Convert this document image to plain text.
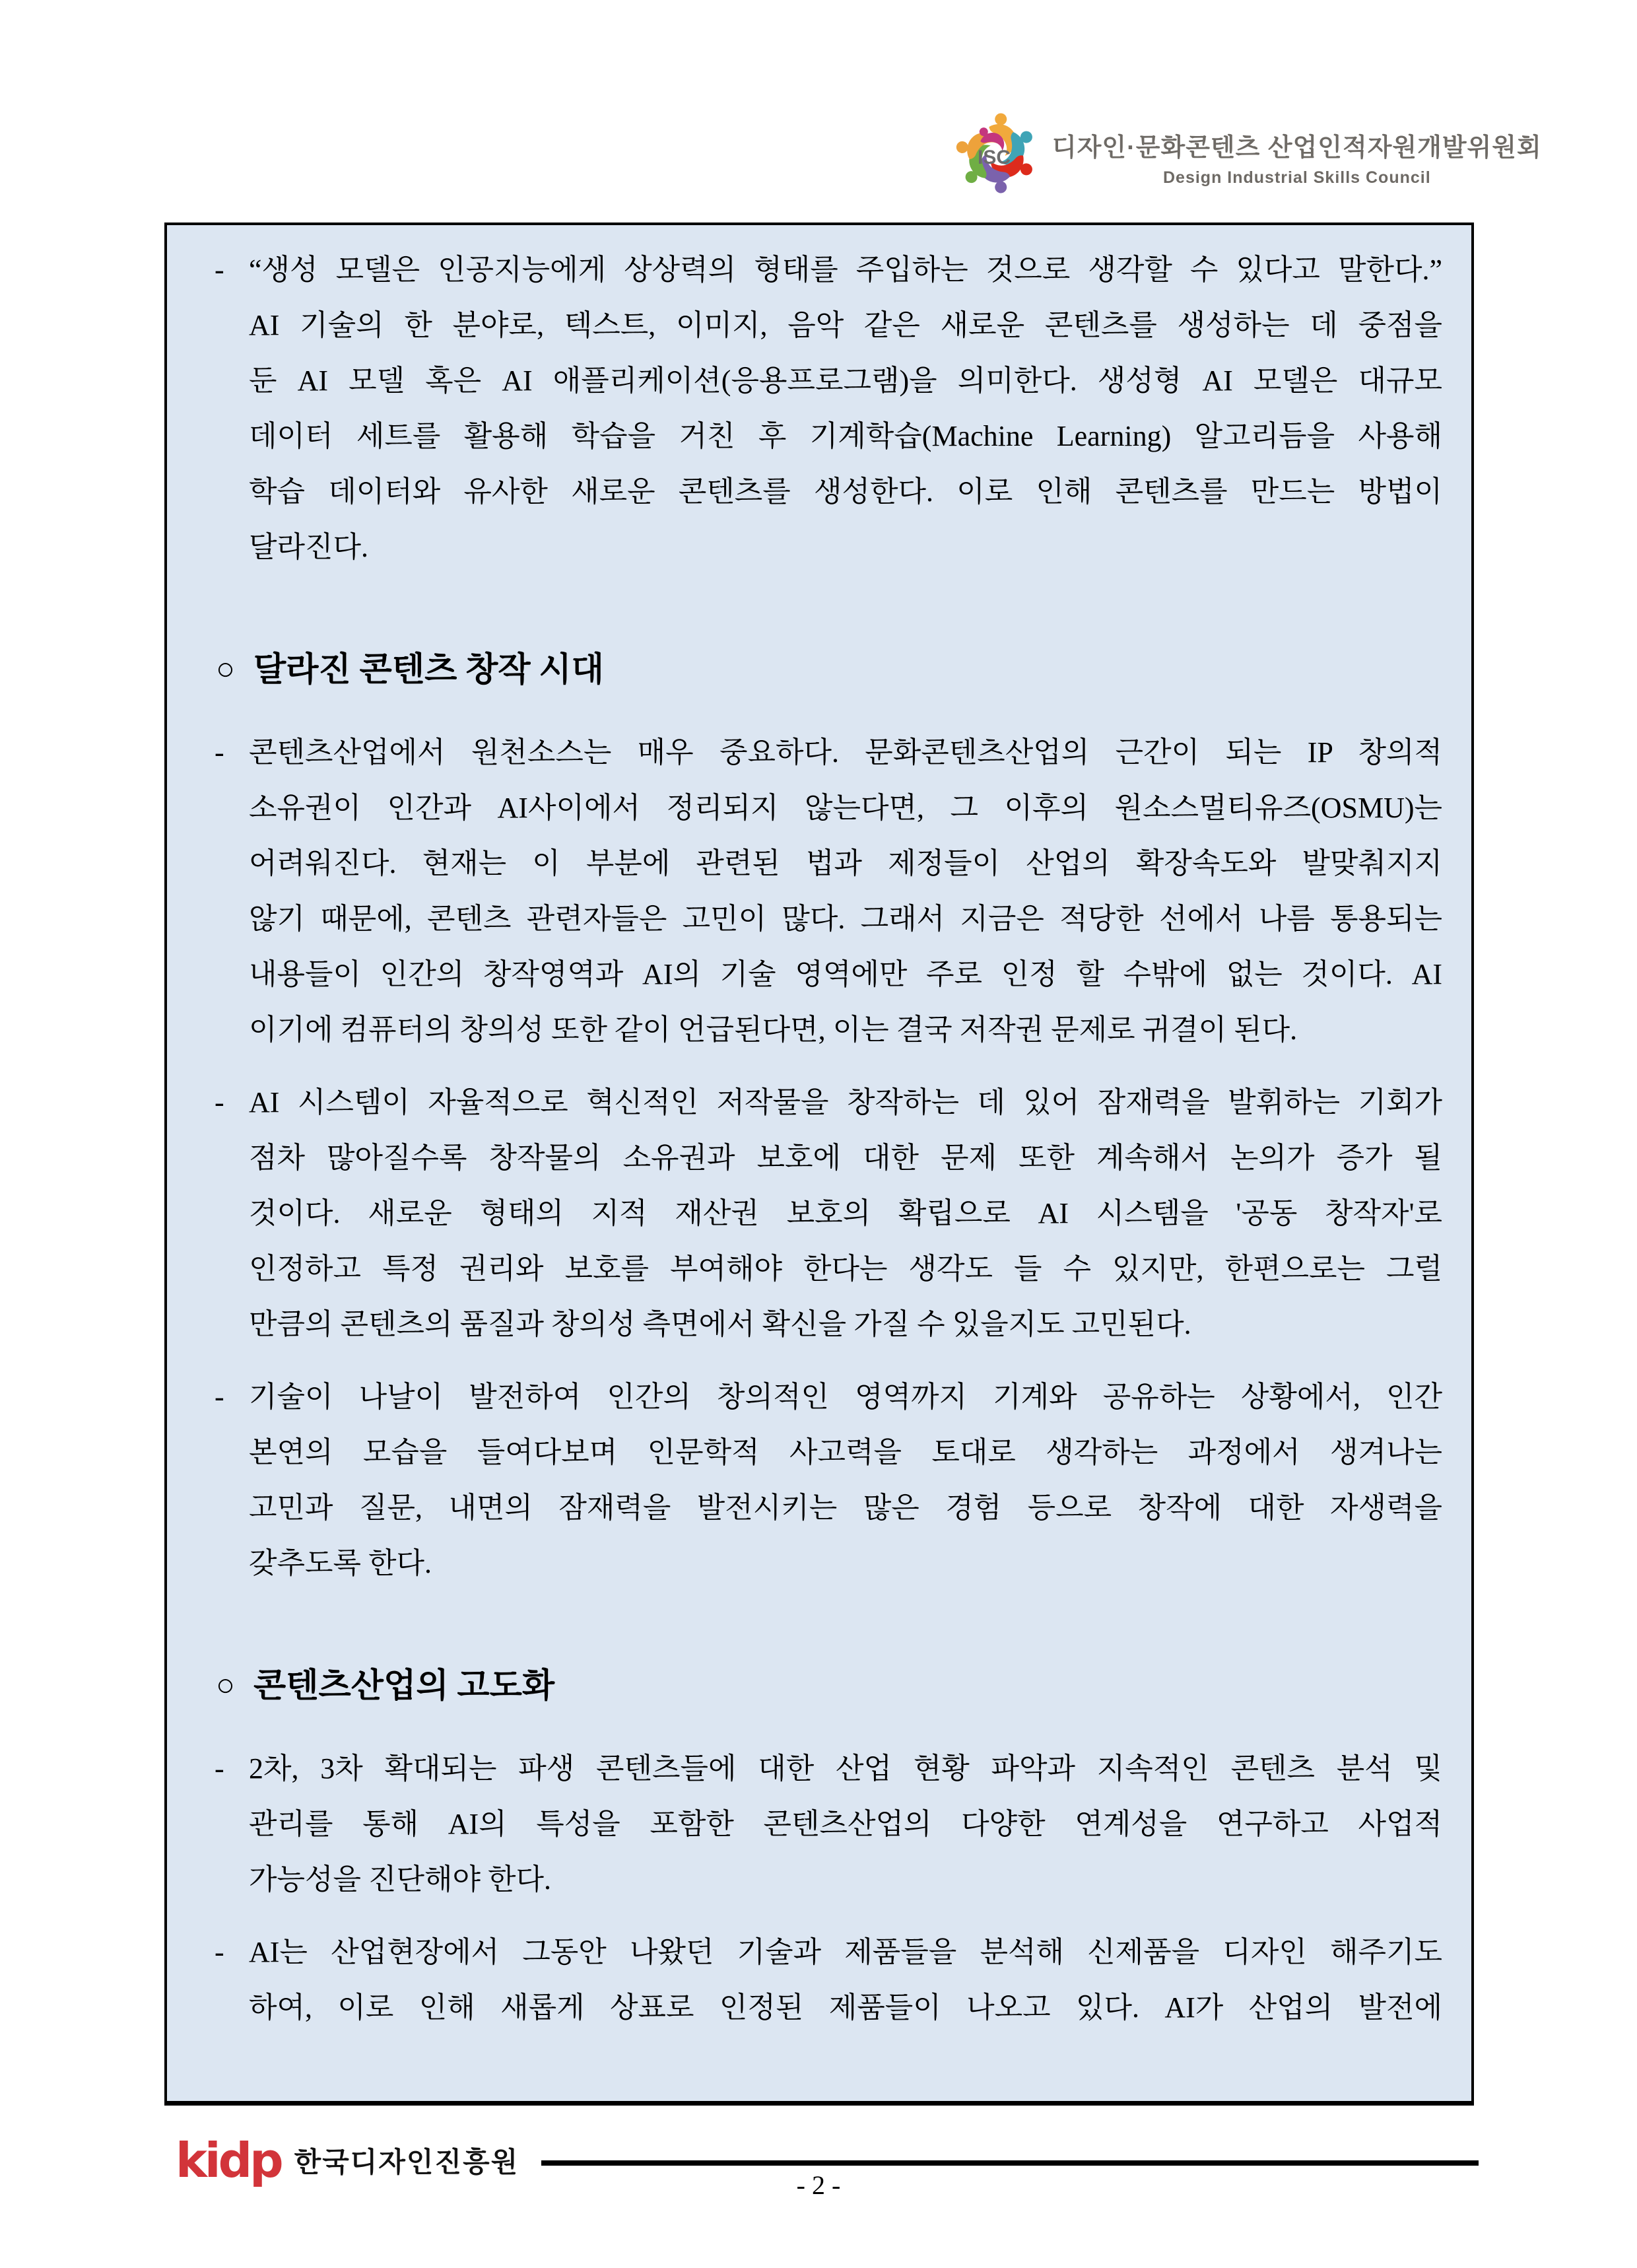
ISC 디자인·문화콘텐츠 산업인적자원개발위원회
Design Industrial Skills Council
- “생성 모델은 인공지능에게 상상력의 형태를 주입하는 것으로 생각할 수 있다고 말한다.”
AI 기술의 한 분야로, 텍스트, 이미지, 음악 같은 새로운 콘텐츠를 생성하는 데 중점을
둔 AI 모델 혹은 AI 애플리케이션(응용프로그램)을 의미한다. 생성형 AI 모델은 대규모
데이터 세트를 활용해 학습을 거친 후 기계학습(Machine Learning) 알고리듬을 사용해
학습 데이터와 유사한 새로운 콘텐츠를 생성한다. 이로 인해 콘텐츠를 만드는 방법이
달라진다.
○ 달라진 콘텐츠 창작 시대
- 콘텐츠산업에서 원천소스는 매우 중요하다. 문화콘텐츠산업의 근간이 되는 IP 창의적
소유권이 인간과 AI사이에서 정리되지 않는다면, 그 이후의 원소스멀티유즈(OSMU)는
어려워진다. 현재는 이 부분에 관련된 법과 제정들이 산업의 확장속도와 발맞춰지지
않기 때문에, 콘텐츠 관련자들은 고민이 많다. 그래서 지금은 적당한 선에서 나름 통용되는
내용들이 인간의 창작영역과 AI의 기술 영역에만 주로 인정 할 수밖에 없는 것이다. AI
이기에 컴퓨터의 창의성 또한 같이 언급된다면, 이는 결국 저작권 문제로 귀결이 된다.
- AI 시스템이 자율적으로 혁신적인 저작물을 창작하는 데 있어 잠재력을 발휘하는 기회가
점차 많아질수록 창작물의 소유권과 보호에 대한 문제 또한 계속해서 논의가 증가 될
것이다. 새로운 형태의 지적 재산권 보호의 확립으로 AI 시스템을 '공동 창작자'로
인정하고 특정 권리와 보호를 부여해야 한다는 생각도 들 수 있지만, 한편으로는 그럴
만큼의 콘텐츠의 품질과 창의성 측면에서 확신을 가질 수 있을지도 고민된다.
- 기술이 나날이 발전하여 인간의 창의적인 영역까지 기계와 공유하는 상황에서, 인간
본연의 모습을 들여다보며 인문학적 사고력을 토대로 생각하는 과정에서 생겨나는
고민과 질문, 내면의 잠재력을 발전시키는 많은 경험 등으로 창작에 대한 자생력을
갖추도록 한다.
○ 콘텐츠산업의 고도화
- 2차, 3차 확대되는 파생 콘텐츠들에 대한 산업 현황 파악과 지속적인 콘텐츠 분석 및
관리를 통해 AI의 특성을 포함한 콘텐츠산업의 다양한 연계성을 연구하고 사업적
가능성을 진단해야 한다.
- AI는 산업현장에서 그동안 나왔던 기술과 제품들을 분석해 신제품을 디자인 해주기도
하여, 이로 인해 새롭게 상표로 인정된 제품들이 나오고 있다. AI가 산업의 발전에
kidp 한국디자인진흥원
- 2 -
